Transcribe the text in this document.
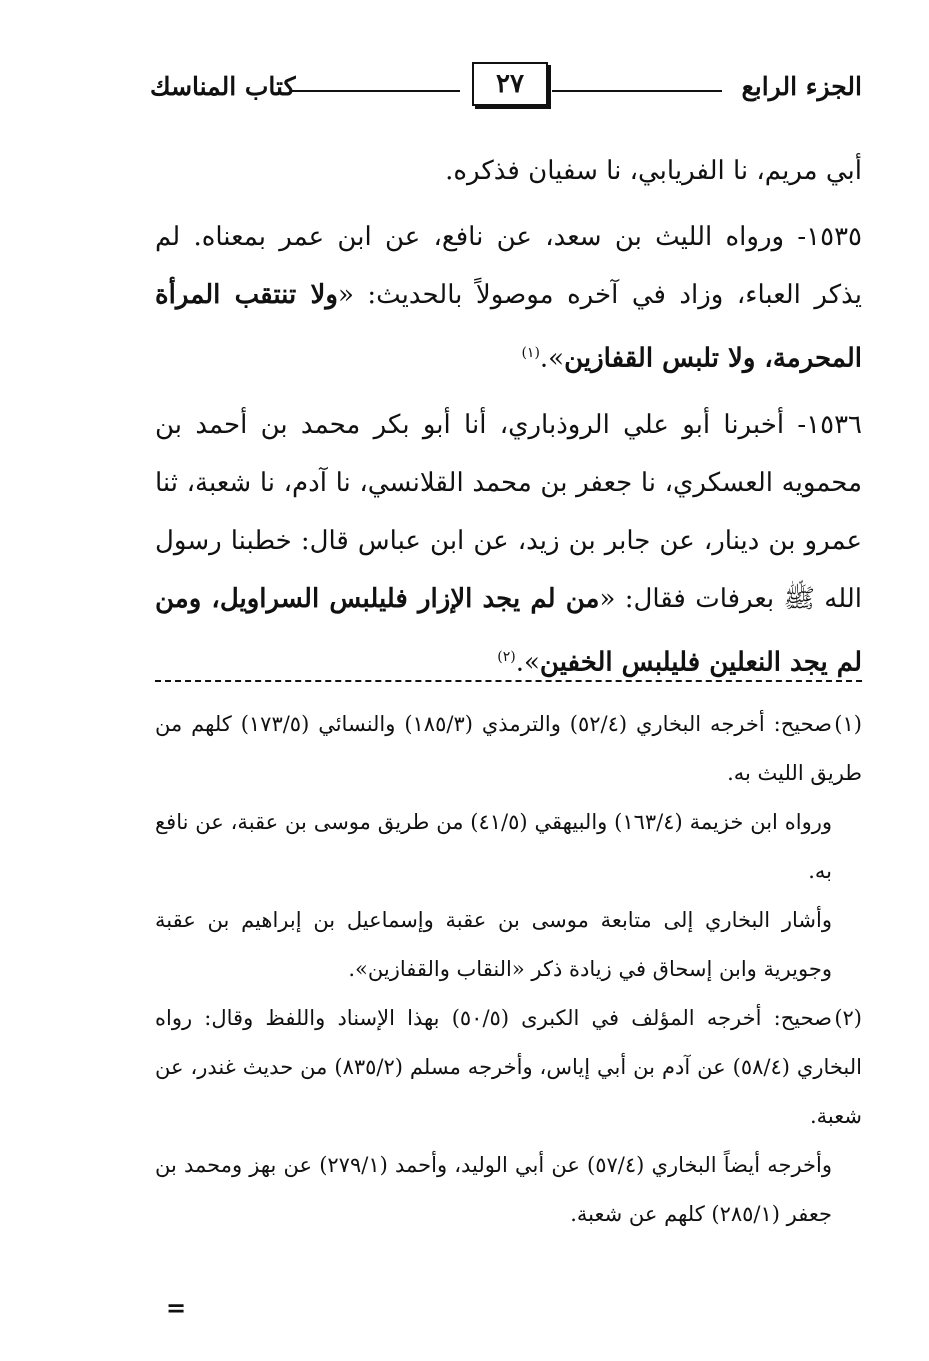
الجزء الرابع
٢٧
كتاب المناسك

أبي مريم، نا الفريابي، نا سفيان فذكره.

١٥٣٥- ورواه الليث بن سعد، عن نافع، عن ابن عمر بمعناه. لم يذكر العباء، وزاد في آخره موصولاً بالحديث: «ولا تنتقب المرأة المحرمة، ولا تلبس القفازين».$^{(١)}$

١٥٣٦- أخبرنا أبو علي الروذباري، أنا أبو بكر محمد بن أحمد بن محمويه العسكري، نا جعفر بن محمد القلانسي، نا آدم، نا شعبة، ثنا عمرو بن دينار، عن جابر بن زيد، عن ابن عباس قال: خطبنا رسول الله ﷺ بعرفات فقال: «من لم يجد الإزار فليلبس السراويل، ومن لم يجد النعلين فليلبس الخفين».$^{(٢)}$

(١)صحيح: أخرجه البخاري (٥٢/٤) والترمذي (١٨٥/٣) والنسائي (١٧٣/٥) كلهم من طريق الليث به.
ورواه ابن خزيمة (١٦٣/٤) والبيهقي (٤١/٥) من طريق موسى بن عقبة، عن نافع به.
وأشار البخاري إلى متابعة موسى بن عقبة وإسماعيل بن إبراهيم بن عقبة وجويرية وابن إسحاق في زيادة ذكر «النقاب والقفازين».
(٢)صحيح: أخرجه المؤلف في الكبرى (٥٠/٥) بهذا الإسناد واللفظ وقال: رواه البخاري (٥٨/٤) عن آدم بن أبي إياس، وأخرجه مسلم (٨٣٥/٢) من حديث غندر، عن شعبة.
وأخرجه أيضاً البخاري (٥٧/٤) عن أبي الوليد، وأحمد (٢٧٩/١) عن بهز ومحمد بن جعفر (٢٨٥/١) كلهم عن شعبة.
=
